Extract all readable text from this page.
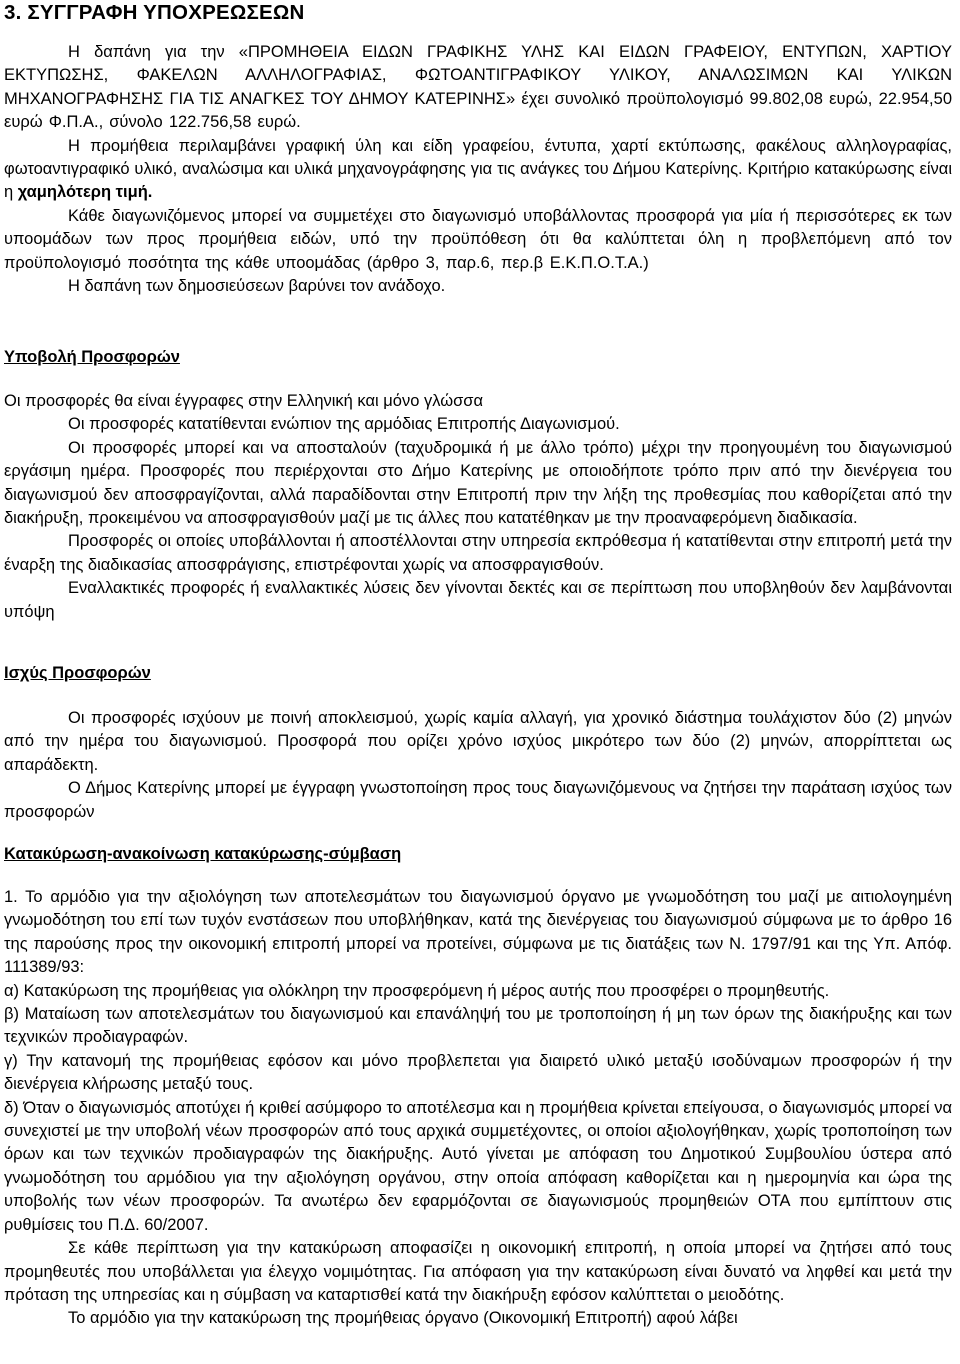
3. ΣΥΓΓΡΑΦΗ ΥΠΟΧΡΕΩΣΕΩΝ

Η δαπάνη για την «ΠΡΟΜΗΘΕΙΑ ΕΙΔΩΝ ΓΡΑΦΙΚΗΣ ΥΛΗΣ ΚΑΙ ΕΙΔΩΝ ΓΡΑΦΕΙΟΥ, ΕΝΤΥΠΩΝ, ΧΑΡΤΙΟΥ ΕΚΤΥΠΩΣΗΣ, ΦΑΚΕΛΩΝ ΑΛΛΗΛΟΓΡΑΦΙΑΣ, ΦΩΤΟΑΝΤΙΓΡΑΦΙΚΟΥ ΥΛΙΚΟΥ, ΑΝΑΛΩΣΙΜΩΝ ΚΑΙ ΥΛΙΚΩΝ ΜΗΧΑΝΟΓΡΑΦΗΣΗΣ ΓΙΑ ΤΙΣ ΑΝΑΓΚΕΣ ΤΟΥ ΔΗΜΟΥ ΚΑΤΕΡΙΝΗΣ» έχει συνολικό προϋπολογισμό 99.802,08 ευρώ, 22.954,50 ευρώ Φ.Π.Α., σύνολο 122.756,58 ευρώ.

Η προμήθεια περιλαμβάνει γραφική ύλη και είδη γραφείου, έντυπα, χαρτί εκτύπωσης, φακέλους αλληλογραφίας, φωτοαντιγραφικό υλικό, αναλώσιμα και υλικά μηχανογράφησης για τις ανάγκες του Δήμου Κατερίνης. Κριτήριο κατακύρωσης είναι η χαμηλότερη τιμή.

Κάθε διαγωνιζόμενος μπορεί να συμμετέχει στο διαγωνισμό υποβάλλοντας προσφορά για μία ή περισσότερες εκ των υποομάδων των προς προμήθεια ειδών, υπό την προϋπόθεση ότι θα καλύπτεται όλη η προβλεπόμενη από τον προϋπολογισμό ποσότητα της κάθε υποομάδας (άρθρο 3, παρ.6, περ.β Ε.Κ.Π.Ο.Τ.Α.)

Η δαπάνη των δημοσιεύσεων βαρύνει τον ανάδοχο.

Υποβολή Προσφορών

Οι προσφορές θα είναι έγγραφες στην Ελληνική και μόνο γλώσσα

Οι προσφορές κατατίθενται ενώπιον της αρμόδιας Επιτροπής Διαγωνισμού.

Οι προσφορές μπορεί και να αποσταλούν (ταχυδρομικά ή με άλλο τρόπο) μέχρι την προηγουμένη του διαγωνισμού εργάσιμη ημέρα. Προσφορές που περιέρχονται στο Δήμο Κατερίνης με οποιοδήποτε τρόπο πριν από την διενέργεια του διαγωνισμού δεν αποσφραγίζονται, αλλά παραδίδονται στην Επιτροπή πριν την λήξη της προθεσμίας που καθορίζεται από την διακήρυξη, προκειμένου να αποσφραγισθούν μαζί με τις άλλες που κατατέθηκαν με την προαναφερόμενη διαδικασία.

Προσφορές οι οποίες υποβάλλονται ή αποστέλλονται στην υπηρεσία εκπρόθεσμα ή κατατίθενται στην επιτροπή μετά την έναρξη της διαδικασίας αποσφράγισης, επιστρέφονται χωρίς να αποσφραγισθούν.

Εναλλακτικές προφορές ή εναλλακτικές λύσεις δεν γίνονται δεκτές και σε περίπτωση που υποβληθούν δεν λαμβάνονται υπόψη

Ισχύς Προσφορών

Οι προσφορές ισχύουν με ποινή αποκλεισμού, χωρίς καμία αλλαγή, για χρονικό διάστημα τουλάχιστον δύο (2) μηνών από την ημέρα του διαγωνισμού. Προσφορά που ορίζει χρόνο ισχύος μικρότερο των δύο (2) μηνών, απορρίπτεται ως απαράδεκτη.

Ο Δήμος Κατερίνης μπορεί με έγγραφη γνωστοποίηση προς τους διαγωνιζόμενους να ζητήσει την παράταση ισχύος των προσφορών

Κατακύρωση-ανακοίνωση κατακύρωσης-σύμβαση

1. Το αρμόδιο για την αξιολόγηση των αποτελεσμάτων του διαγωνισμού όργανο με γνωμοδότηση του μαζί με αιτιολογημένη γνωμοδότηση του επί των τυχόν ενστάσεων που υποβλήθηκαν, κατά της διενέργειας του διαγωνισμού σύμφωνα με το άρθρο 16 της παρούσης προς την οικονομική επιτροπή μπορεί να προτείνει, σύμφωνα με τις διατάξεις των Ν. 1797/91 και της Υπ. Απόφ. 111389/93:

α) Κατακύρωση της προμήθειας για ολόκληρη την προσφερόμενη ή μέρος αυτής που προσφέρει ο προμηθευτής.

β) Ματαίωση των αποτελεσμάτων του διαγωνισμού και επανάληψή του με τροποποίηση ή μη των όρων της διακήρυξης και των τεχνικών προδιαγραφών.

γ) Την κατανομή της προμήθειας εφόσον και μόνο προβλεπεται για διαιρετό υλικό μεταξύ ισοδύναμων προσφορών ή την διενέργεια κλήρωσης μεταξύ τους.

δ) Όταν ο διαγωνισμός αποτύχει ή κριθεί ασύμφορο το αποτέλεσμα και η προμήθεια κρίνεται επείγουσα, ο διαγωνισμός μπορεί να συνεχιστεί με την υποβολή νέων προσφορών από τους αρχικά συμμετέχοντες, οι οποίοι αξιολογήθηκαν, χωρίς τροποποίηση των όρων και των τεχνικών προδιαγραφών της διακήρυξης. Αυτό γίνεται με απόφαση του Δημοτικού Συμβουλίου ύστερα από γνωμοδότηση του αρμόδιου για την αξιολόγηση οργάνου, στην οποία απόφαση καθορίζεται και η ημερομηνία και ώρα της υποβολής των νέων προσφορών. Τα ανωτέρω δεν εφαρμόζονται σε διαγωνισμούς προμηθειών ΟΤΑ που εμπίπτουν στις ρυθμίσεις του Π.Δ. 60/2007.

Σε κάθε περίπτωση για την κατακύρωση αποφασίζει η οικονομική επιτροπή, η οποία μπορεί να ζητήσει από τους προμηθευτές που υποβάλλεται για έλεγχο νομιμότητας. Για απόφαση για την κατακύρωση είναι δυνατό να ληφθεί και μετά την πρόταση της υπηρεσίας και η σύμβαση να καταρτισθεί κατά την διακήρυξη εφόσον καλύπτεται ο μειοδότης.

Το αρμόδιο για την κατακύρωση της προμήθειας όργανο (Οικονομική Επιτροπή) αφού λάβει
